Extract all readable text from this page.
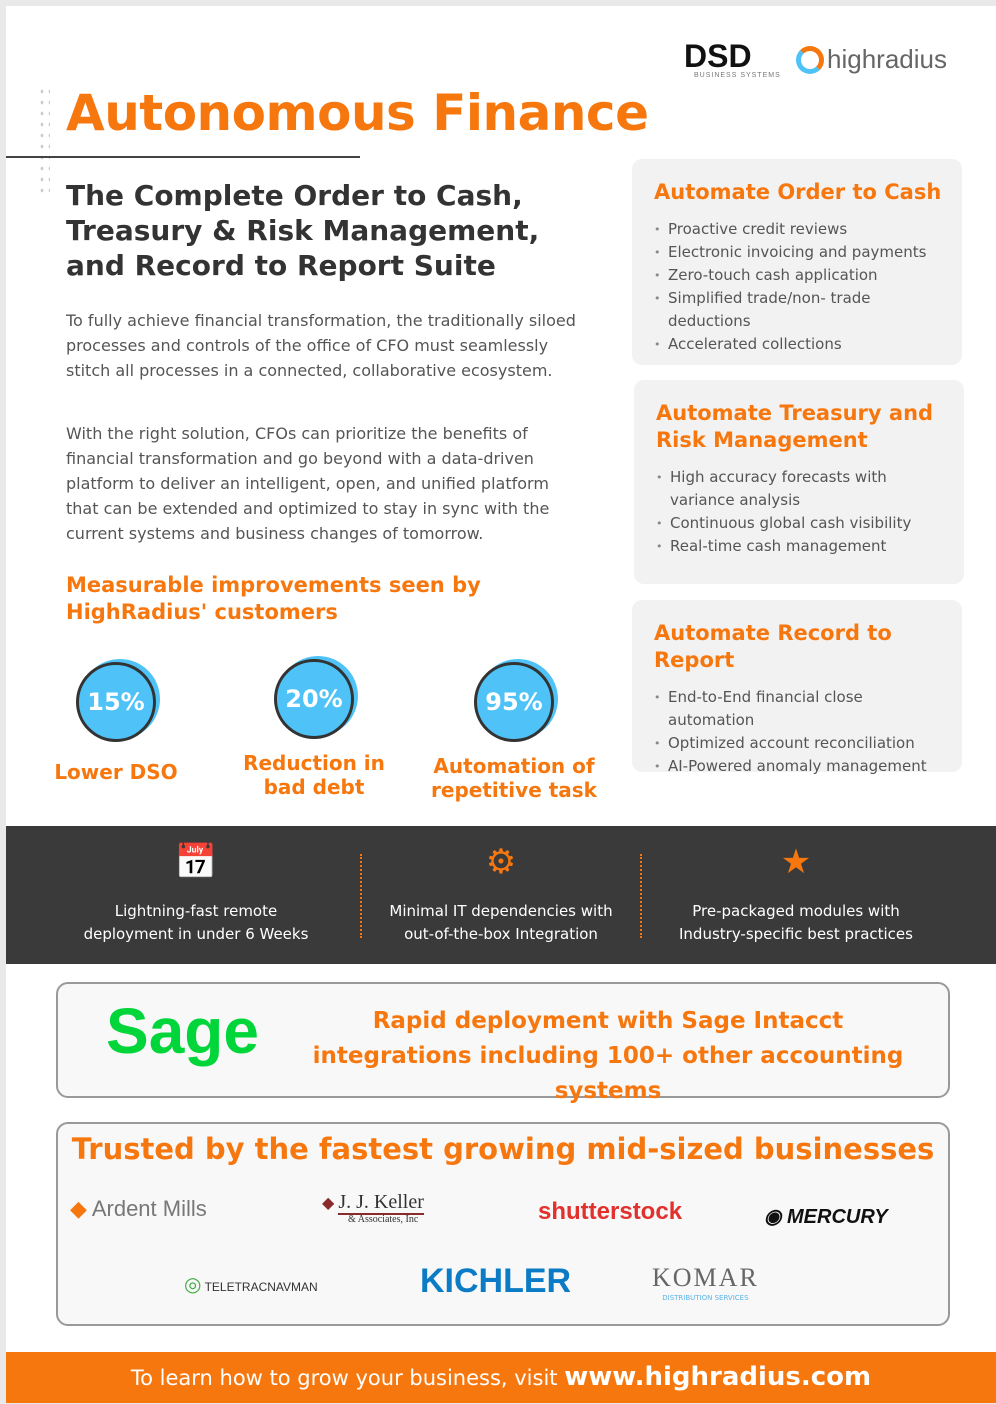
DSD
BUSINESS SYSTEMS
highradius
Autonomous Finance
The Complete Order to Cash, Treasury & Risk Management, and Record to Report Suite

To fully achieve financial transformation, the traditionally siloed processes and controls of the office of CFO must seamlessly stitch all processes in a connected, collaborative ecosystem.

With the right solution, CFOs can prioritize the benefits of financial transformation and go beyond with a data-driven platform to deliver an intelligent, open, and unified platform that can be extended and optimized to stay in sync with the current systems and business changes of tomorrow.

Measurable improvements seen by HighRadius' customers
15%
Lower DSO
20%
Reduction in bad debt
95%
Automation of repetitive task
Automate Order to Cash
• Proactive credit reviews
• Electronic invoicing and payments
• Zero-touch cash application
• Simplified trade/non- trade deductions
• Accelerated collections
Automate Treasury and Risk Management
• High accuracy forecasts with variance analysis
• Continuous global cash visibility
• Real-time cash management
Automate Record to Report
• End-to-End financial close automation
• Optimized account reconciliation
• AI-Powered anomaly management
📅
Lightning-fast remote deployment in under 6 Weeks
⚙
Minimal IT dependencies with out-of-the-box Integration
★
Pre-packaged modules with Industry-specific best practices
Sage	Rapid deployment with Sage Intacct integrations including 100+ other accounting systems
Trusted by the fastest growing mid-sized businesses
◆ Ardent Mills	◆ J. J. Keller
& Associates, Inc	shutterstock	◉ MERCURY
◎ TELETRACNAVMAN	KICHLER	KOMAR
DISTRIBUTION SERVICES
To learn how to grow your business, visit www.highradius.com
